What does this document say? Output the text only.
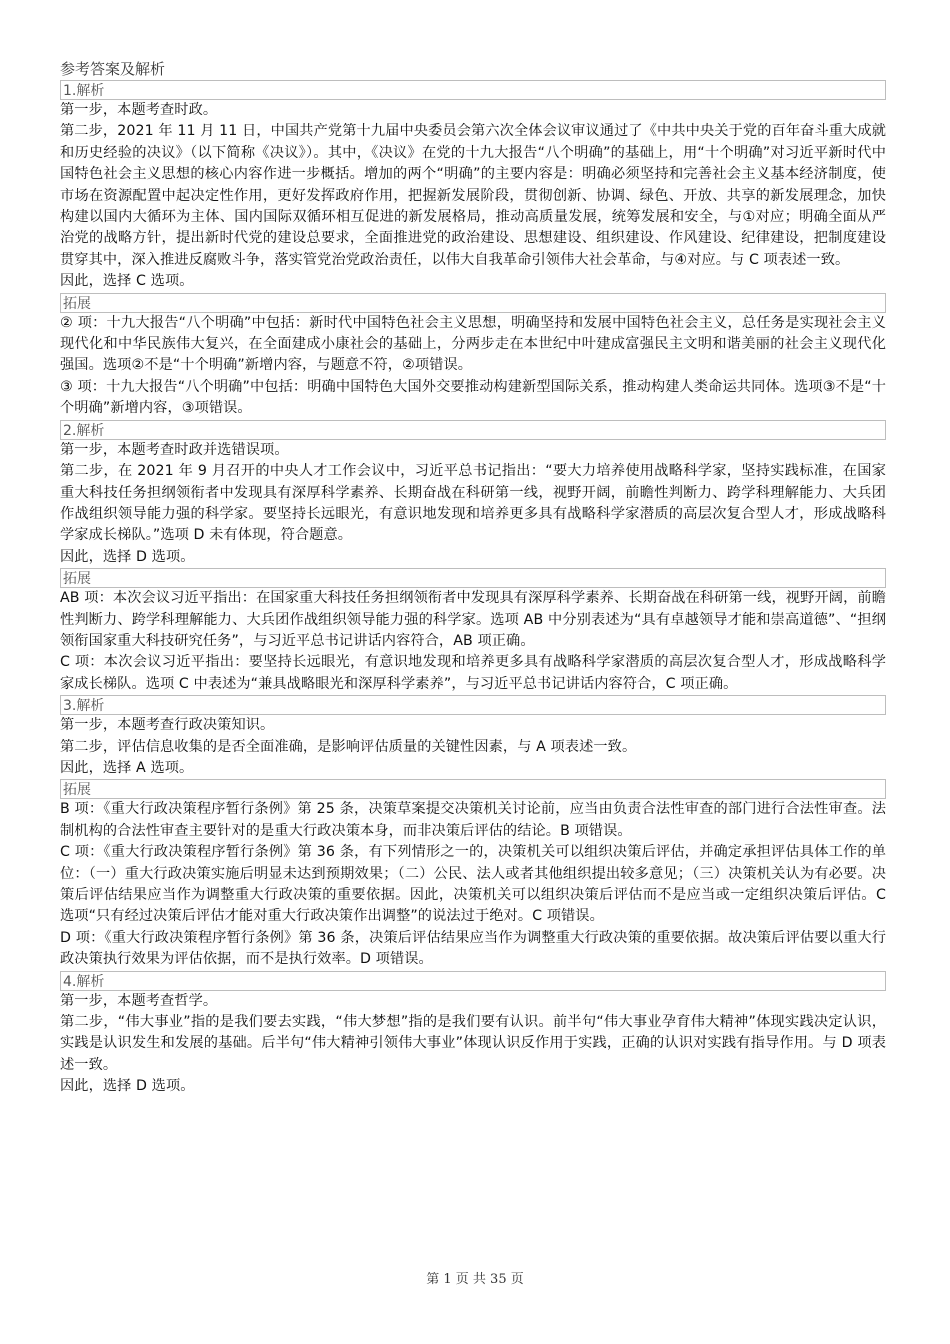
参考答案及解析
1.解析

第一步，本题考查时政。

第二步，2021 年 11 月 11 日，中国共产党第十九届中央委员会第六次全体会议审议通过了《中共中央关于党的百年奋斗重大成就和历史经验的决议》（以下简称《决议》）。其中，《决议》在党的十九大报告“八个明确”的基础上，用“十个明确”对习近平新时代中国特色社会主义思想的核心内容作进一步概括。增加的两个“明确”的主要内容是：明确必须坚持和完善社会主义基本经济制度，使市场在资源配置中起决定性作用，更好发挥政府作用，把握新发展阶段，贯彻创新、协调、绿色、开放、共享的新发展理念，加快构建以国内大循环为主体、国内国际双循环相互促进的新发展格局，推动高质量发展，统筹发展和安全，与①对应；明确全面从严治党的战略方针，提出新时代党的建设总要求，全面推进党的政治建设、思想建设、组织建设、作风建设、纪律建设，把制度建设贯穿其中，深入推进反腐败斗争，落实管党治党政治责任，以伟大自我革命引领伟大社会革命，与④对应。与 C 项表述一致。

因此，选择 C 选项。

拓展

② 项：十九大报告“八个明确”中包括：新时代中国特色社会主义思想，明确坚持和发展中国特色社会主义，总任务是实现社会主义现代化和中华民族伟大复兴，在全面建成小康社会的基础上，分两步走在本世纪中叶建成富强民主文明和谐美丽的社会主义现代化强国。选项②不是“十个明确”新增内容，与题意不符，②项错误。

③ 项：十九大报告“八个明确”中包括：明确中国特色大国外交要推动构建新型国际关系，推动构建人类命运共同体。选项③不是“十个明确”新增内容，③项错误。

2.解析

第一步，本题考查时政并选错误项。

第二步，在 2021 年 9 月召开的中央人才工作会议中，习近平总书记指出：“要大力培养使用战略科学家，坚持实践标准，在国家重大科技任务担纲领衔者中发现具有深厚科学素养、长期奋战在科研第一线，视野开阔，前瞻性判断力、跨学科理解能力、大兵团作战组织领导能力强的科学家。要坚持长远眼光，有意识地发现和培养更多具有战略科学家潜质的高层次复合型人才，形成战略科学家成长梯队。”选项 D 未有体现，符合题意。

因此，选择 D 选项。

拓展

AB 项：本次会议习近平指出：在国家重大科技任务担纲领衔者中发现具有深厚科学素养、长期奋战在科研第一线，视野开阔，前瞻性判断力、跨学科理解能力、大兵团作战组织领导能力强的科学家。选项 AB 中分别表述为“具有卓越领导才能和崇高道德”、“担纲领衔国家重大科技研究任务”，与习近平总书记讲话内容符合，AB 项正确。

C 项：本次会议习近平指出：要坚持长远眼光，有意识地发现和培养更多具有战略科学家潜质的高层次复合型人才，形成战略科学家成长梯队。选项 C 中表述为“兼具战略眼光和深厚科学素养”，与习近平总书记讲话内容符合，C 项正确。

3.解析

第一步，本题考查行政决策知识。

第二步，评估信息收集的是否全面准确，是影响评估质量的关键性因素，与 A 项表述一致。

因此，选择 A 选项。

拓展

B 项：《重大行政决策程序暂行条例》第 25 条，决策草案提交决策机关讨论前，应当由负责合法性审查的部门进行合法性审查。法制机构的合法性审查主要针对的是重大行政决策本身，而非决策后评估的结论。B 项错误。

C 项：《重大行政决策程序暂行条例》第 36 条，有下列情形之一的，决策机关可以组织决策后评估，并确定承担评估具体工作的单位：（一）重大行政决策实施后明显未达到预期效果；（二）公民、法人或者其他组织提出较多意见；（三）决策机关认为有必要。决策后评估结果应当作为调整重大行政决策的重要依据。因此，决策机关可以组织决策后评估而不是应当或一定组织决策后评估。C 选项“只有经过决策后评估才能对重大行政决策作出调整”的说法过于绝对。C 项错误。

D 项：《重大行政决策程序暂行条例》第 36 条，决策后评估结果应当作为调整重大行政决策的重要依据。故决策后评估要以重大行政决策执行效果为评估依据，而不是执行效率。D 项错误。

4.解析

第一步，本题考查哲学。

第二步，“伟大事业”指的是我们要去实践，“伟大梦想”指的是我们要有认识。前半句“伟大事业孕育伟大精神”体现实践决定认识，实践是认识发生和发展的基础。后半句“伟大精神引领伟大事业”体现认识反作用于实践，正确的认识对实践有指导作用。与 D 项表述一致。

因此，选择 D 选项。

第 1 页 共 35 页
